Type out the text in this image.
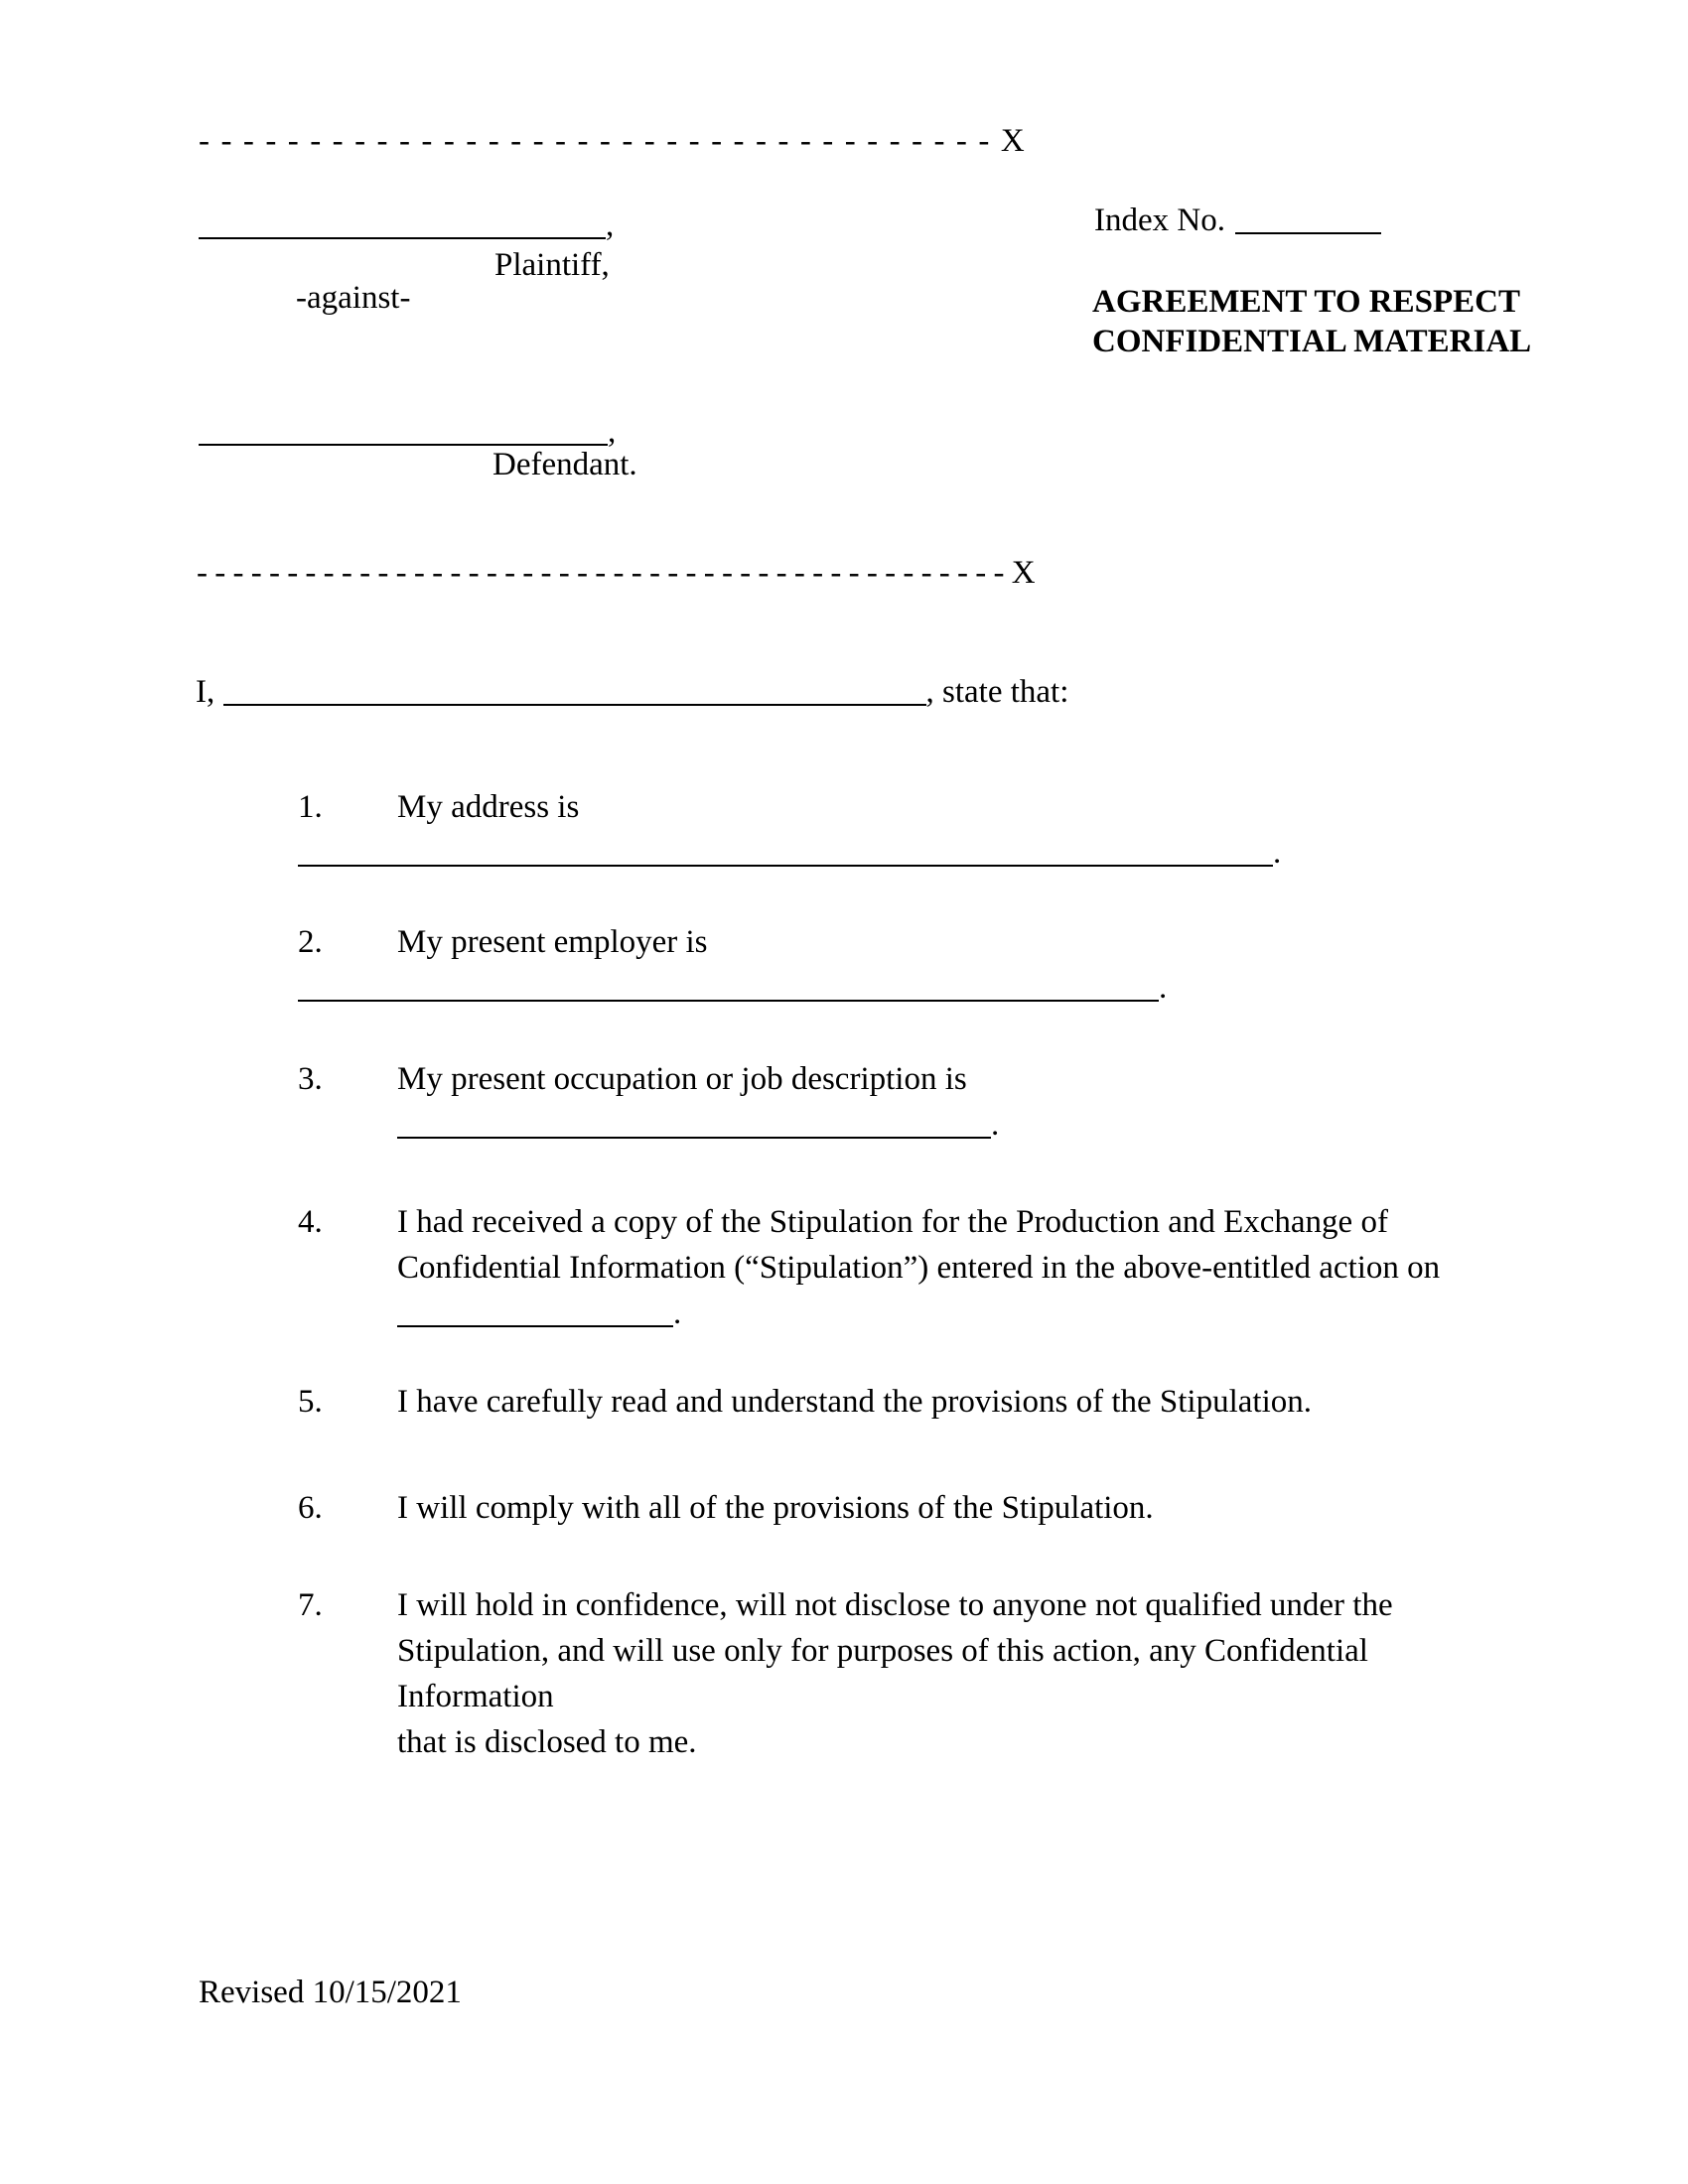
- - - - - - - - - - - - - - - - - - - - - - - - - - - - - - - - - - - - X
,
Plaintiff,
-against-
Index No.
AGREEMENT TO RESPECT
CONFIDENTIAL MATERIAL
,
Defendant.
- - - - - - - - - - - - - - - - - - - - - - - - - - - - - - - - - - - - - - - - - - - - - X
I,	, state that:
1.	My address is
.
2.	My present employer is
.
3.	My present occupation or job description is
.
4.	I had received a copy of the Stipulation for the Production and Exchange of
Confidential Information (“Stipulation”) entered in the above-entitled action on
.
5.	I have carefully read and understand the provisions of the Stipulation.
6.	I will comply with all of the provisions of the Stipulation.
7.	I will hold in confidence, will not disclose to anyone not qualified under the
Stipulation, and will use only for purposes of this action, any Confidential Information
that is disclosed to me.
Revised 10/15/2021
